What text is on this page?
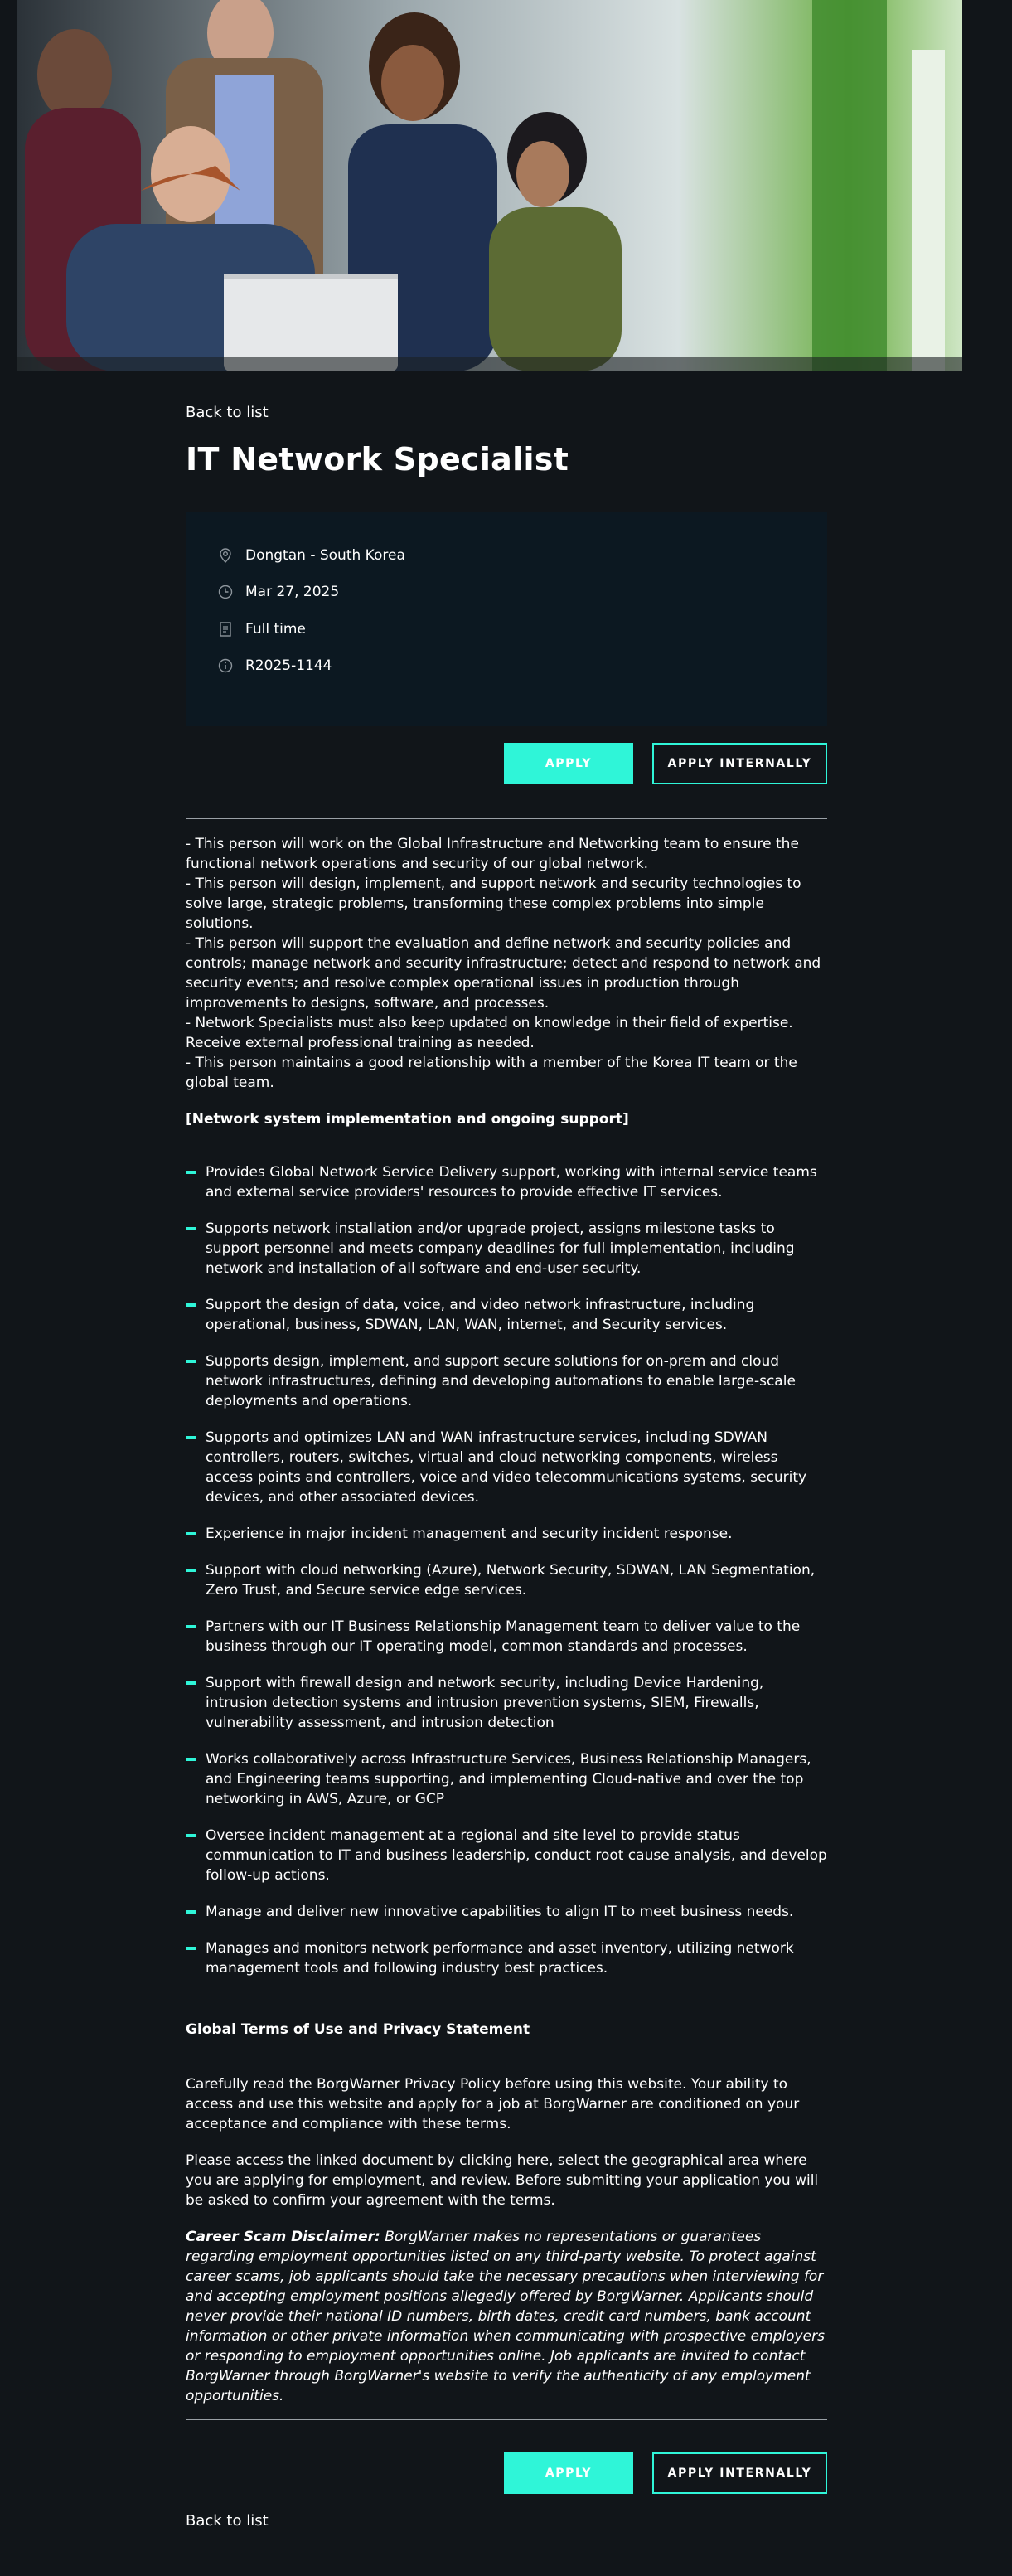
Back to list
IT Network Specialist
Dongtan - South Korea
Mar 27, 2025
Full time
R2025-1144
APPLY	APPLY INTERNALLY

- This person will work on the Global Infrastructure and Networking team to ensure the functional network operations and security of our global network.

- This person will design, implement, and support network and security technologies to solve large, strategic problems, transforming these complex problems into simple solutions.

- This person will support the evaluation and define network and security policies and controls; manage network and security infrastructure; detect and respond to network and security events; and resolve complex operational issues in production through improvements to designs, software, and processes.

- Network Specialists must also keep updated on knowledge in their field of expertise. Receive external professional training as needed.

- This person maintains a good relationship with a member of the Korea IT team or the global team.

[Network system implementation and ongoing support]

Provides Global Network Service Delivery support, working with internal service teams and external service providers' resources to provide effective IT services.
Supports network installation and/or upgrade project, assigns milestone tasks to support personnel and meets company deadlines for full implementation, including network and installation of all software and end-user security.
Support the design of data, voice, and video network infrastructure, including operational, business, SDWAN, LAN, WAN, internet, and Security services.
Supports design, implement, and support secure solutions for on-prem and cloud network infrastructures, defining and developing automations to enable large-scale deployments and operations.
Supports and optimizes LAN and WAN infrastructure services, including SDWAN controllers, routers, switches, virtual and cloud networking components, wireless access points and controllers, voice and video telecommunications systems, security devices, and other associated devices.
Experience in major incident management and security incident response.
Support with cloud networking (Azure), Network Security, SDWAN, LAN Segmentation, Zero Trust, and Secure service edge services.
Partners with our IT Business Relationship Management team to deliver value to the business through our IT operating model, common standards and processes.
Support with firewall design and network security, including Device Hardening, intrusion detection systems and intrusion prevention systems, SIEM, Firewalls, vulnerability assessment, and intrusion detection
Works collaboratively across Infrastructure Services, Business Relationship Managers, and Engineering teams supporting, and implementing Cloud-native and over the top networking in AWS, Azure, or GCP
Oversee incident management at a regional and site level to provide status communication to IT and business leadership, conduct root cause analysis, and develop follow-up actions.
Manage and deliver new innovative capabilities to align IT to meet business needs.
Manages and monitors network performance and asset inventory, utilizing network management tools and following industry best practices.

Global Terms of Use and Privacy Statement

Carefully read the BorgWarner Privacy Policy before using this website. Your ability to access and use this website and apply for a job at BorgWarner are conditioned on your acceptance and compliance with these terms.

Please access the linked document by clicking here, select the geographical area where you are applying for employment, and review. Before submitting your application you will be asked to confirm your agreement with the terms.

Career Scam Disclaimer: BorgWarner makes no representations or guarantees regarding employment opportunities listed on any third-party website. To protect against career scams, job applicants should take the necessary precautions when interviewing for and accepting employment positions allegedly offered by BorgWarner. Applicants should never provide their national ID numbers, birth dates, credit card numbers, bank account information or other private information when communicating with prospective employers or responding to employment opportunities online. Job applicants are invited to contact BorgWarner through BorgWarner's website to verify the authenticity of any employment opportunities.

APPLY	APPLY INTERNALLY
Back to list
